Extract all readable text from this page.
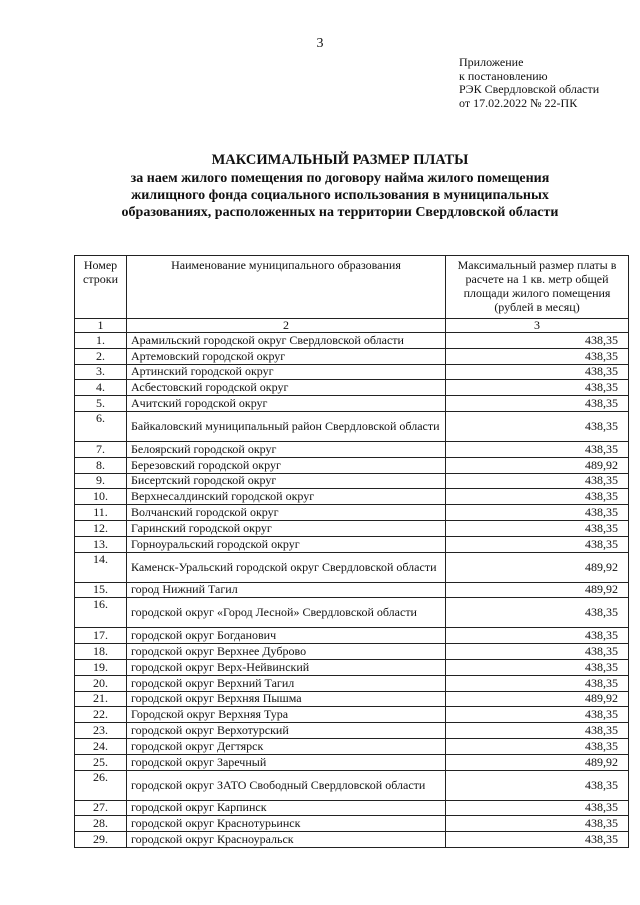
3
Приложение
к постановлению
РЭК Свердловской области
от 17.02.2022 № 22-ПК
МАКСИМАЛЬНЫЙ РАЗМЕР ПЛАТЫ
за наем жилого помещения по договору найма жилого помещения
жилищного фонда социального использования в муниципальных
образованиях, расположенных на территории Свердловской области
Номер строки	Наименование муниципального образования	Максимальный размер платы в расчете на 1 кв. метр общей площади жилого помещения (рублей в месяц)
1	2	3
1.	Арамильский городской округ Свердловской области	438,35
2.	Артемовский городской округ	438,35
3.	Артинский городской округ	438,35
4.	Асбестовский городской округ	438,35
5.	Ачитский городской округ	438,35
6.	Байкаловский муниципальный район Свердловской области	438,35
7.	Белоярский городской округ	438,35
8.	Березовский городской округ	489,92
9.	Бисертский городской округ	438,35
10.	Верхнесалдинский городской округ	438,35
11.	Волчанский городской округ	438,35
12.	Гаринский городской округ	438,35
13.	Горноуральский городской округ	438,35
14.	Каменск-Уральский городской округ Свердловской области	489,92
15.	город Нижний Тагил	489,92
16.	городской округ «Город Лесной» Свердловской области	438,35
17.	городской округ Богданович	438,35
18.	городской округ Верхнее Дуброво	438,35
19.	городской округ Верх-Нейвинский	438,35
20.	городской округ Верхний Тагил	438,35
21.	городской округ Верхняя Пышма	489,92
22.	Городской округ Верхняя Тура	438,35
23.	городской округ Верхотурский	438,35
24.	городской округ Дегтярск	438,35
25.	городской округ Заречный	489,92
26.	городской округ ЗАТО Свободный Свердловской области	438,35
27.	городской округ Карпинск	438,35
28.	городской округ Краснотурьинск	438,35
29.	городской округ Красноуральск	438,35
